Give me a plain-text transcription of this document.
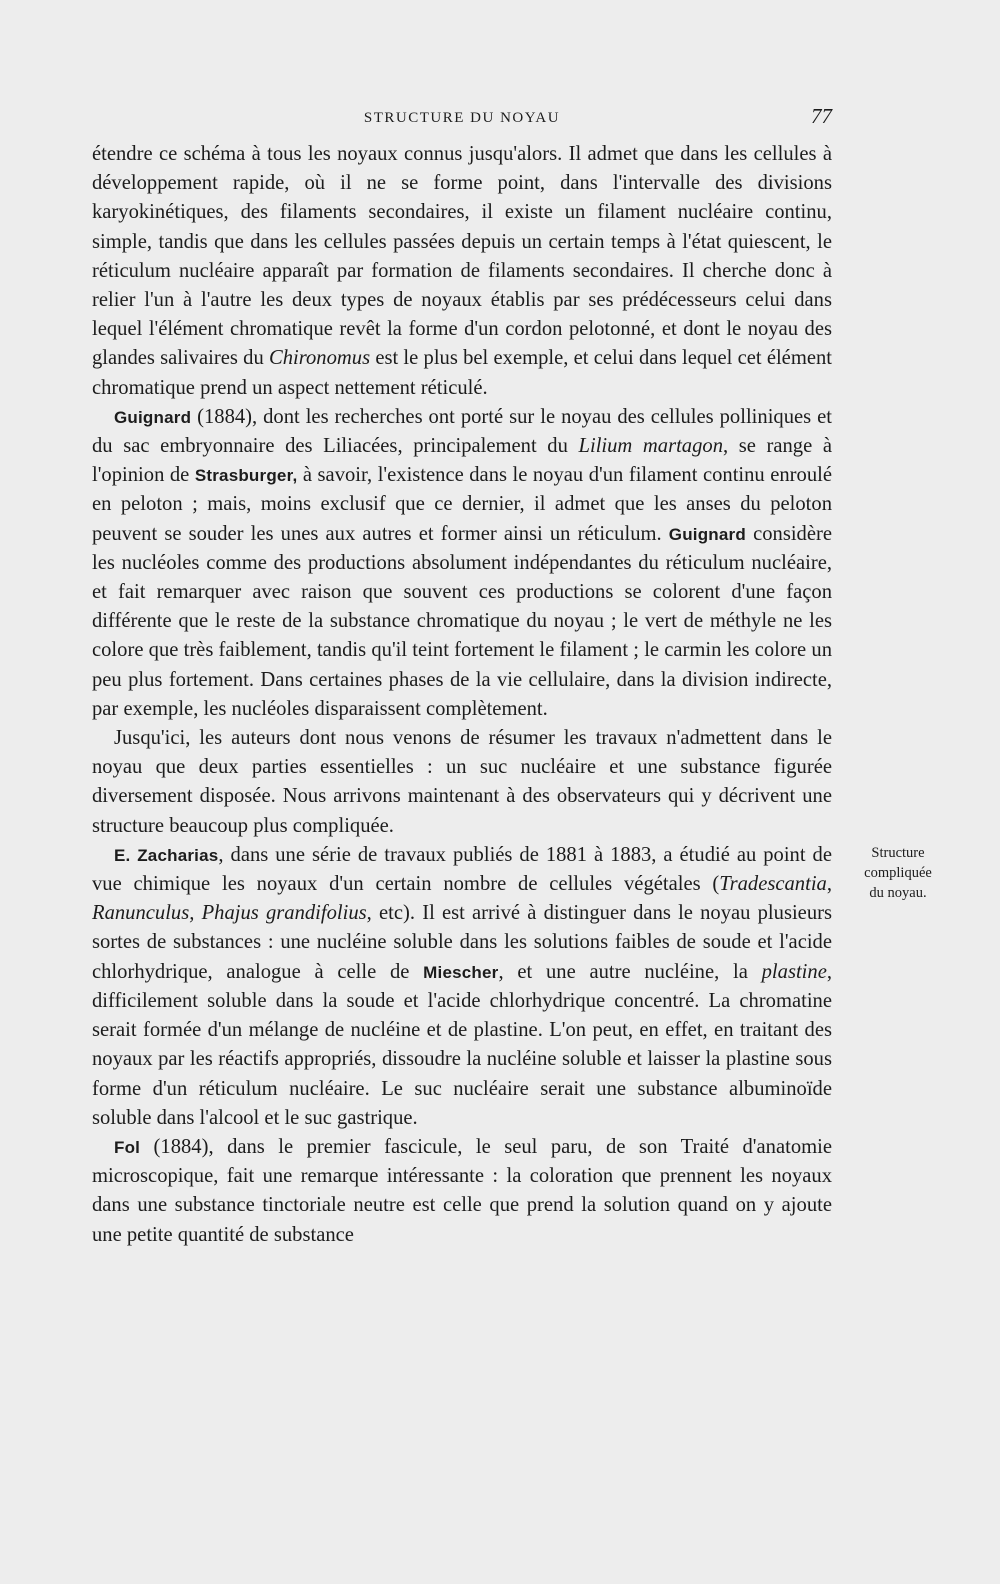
STRUCTURE DU NOYAU	77

étendre ce schéma à tous les noyaux connus jusqu'alors. Il admet que dans les cellules à développement rapide, où il ne se forme point, dans l'intervalle des divisions karyokinétiques, des filaments secondaires, il existe un filament nucléaire continu, simple, tandis que dans les cellules passées depuis un certain temps à l'état quiescent, le réticulum nucléaire apparaît par formation de filaments secondaires. Il cherche donc à relier l'un à l'autre les deux types de noyaux établis par ses prédécesseurs celui dans lequel l'élément chromatique revêt la forme d'un cordon pelotonné, et dont le noyau des glandes salivaires du Chironomus est le plus bel exemple, et celui dans lequel cet élément chromatique prend un aspect nettement réticulé.

Guignard (1884), dont les recherches ont porté sur le noyau des cellules polliniques et du sac embryonnaire des Liliacées, principalement du Lilium martagon, se range à l'opinion de Strasburger, à savoir, l'existence dans le noyau d'un filament continu enroulé en peloton ; mais, moins exclusif que ce dernier, il admet que les anses du peloton peuvent se souder les unes aux autres et former ainsi un réticulum. Guignard considère les nucléoles comme des productions absolument indépendantes du réticulum nucléaire, et fait remarquer avec raison que souvent ces productions se colorent d'une façon différente que le reste de la substance chromatique du noyau ; le vert de méthyle ne les colore que très faiblement, tandis qu'il teint fortement le filament ; le carmin les colore un peu plus fortement. Dans certaines phases de la vie cellulaire, dans la division indirecte, par exemple, les nucléoles disparaissent complètement.

Jusqu'ici, les auteurs dont nous venons de résumer les travaux n'admettent dans le noyau que deux parties essentielles : un suc nucléaire et une substance figurée diversement disposée. Nous arrivons maintenant à des observateurs qui y décrivent une structure beaucoup plus compliquée.

E. Zacharias, dans une série de travaux publiés de 1881 à 1883, a étudié au point de vue chimique les noyaux d'un certain nombre de cellules végétales (Tradescantia, Ranunculus, Phajus grandifolius, etc). Il est arrivé à distinguer dans le noyau plusieurs sortes de substances : une nucléine soluble dans les solutions faibles de soude et l'acide chlorhydrique, analogue à celle de Miescher, et une autre nucléine, la plastine, difficilement soluble dans la soude et l'acide chlorhydrique concentré. La chromatine serait formée d'un mélange de nucléine et de plastine. L'on peut, en effet, en traitant des noyaux par les réactifs appropriés, dissoudre la nucléine soluble et laisser la plastine sous forme d'un réticulum nucléaire. Le suc nucléaire serait une substance albuminoïde soluble dans l'alcool et le suc gastrique.

Fol (1884), dans le premier fascicule, le seul paru, de son Traité d'anatomie microscopique, fait une remarque intéressante : la coloration que prennent les noyaux dans une substance tinctoriale neutre est celle que prend la solution quand on y ajoute une petite quantité de substance

Structure
compliquée
du noyau.
